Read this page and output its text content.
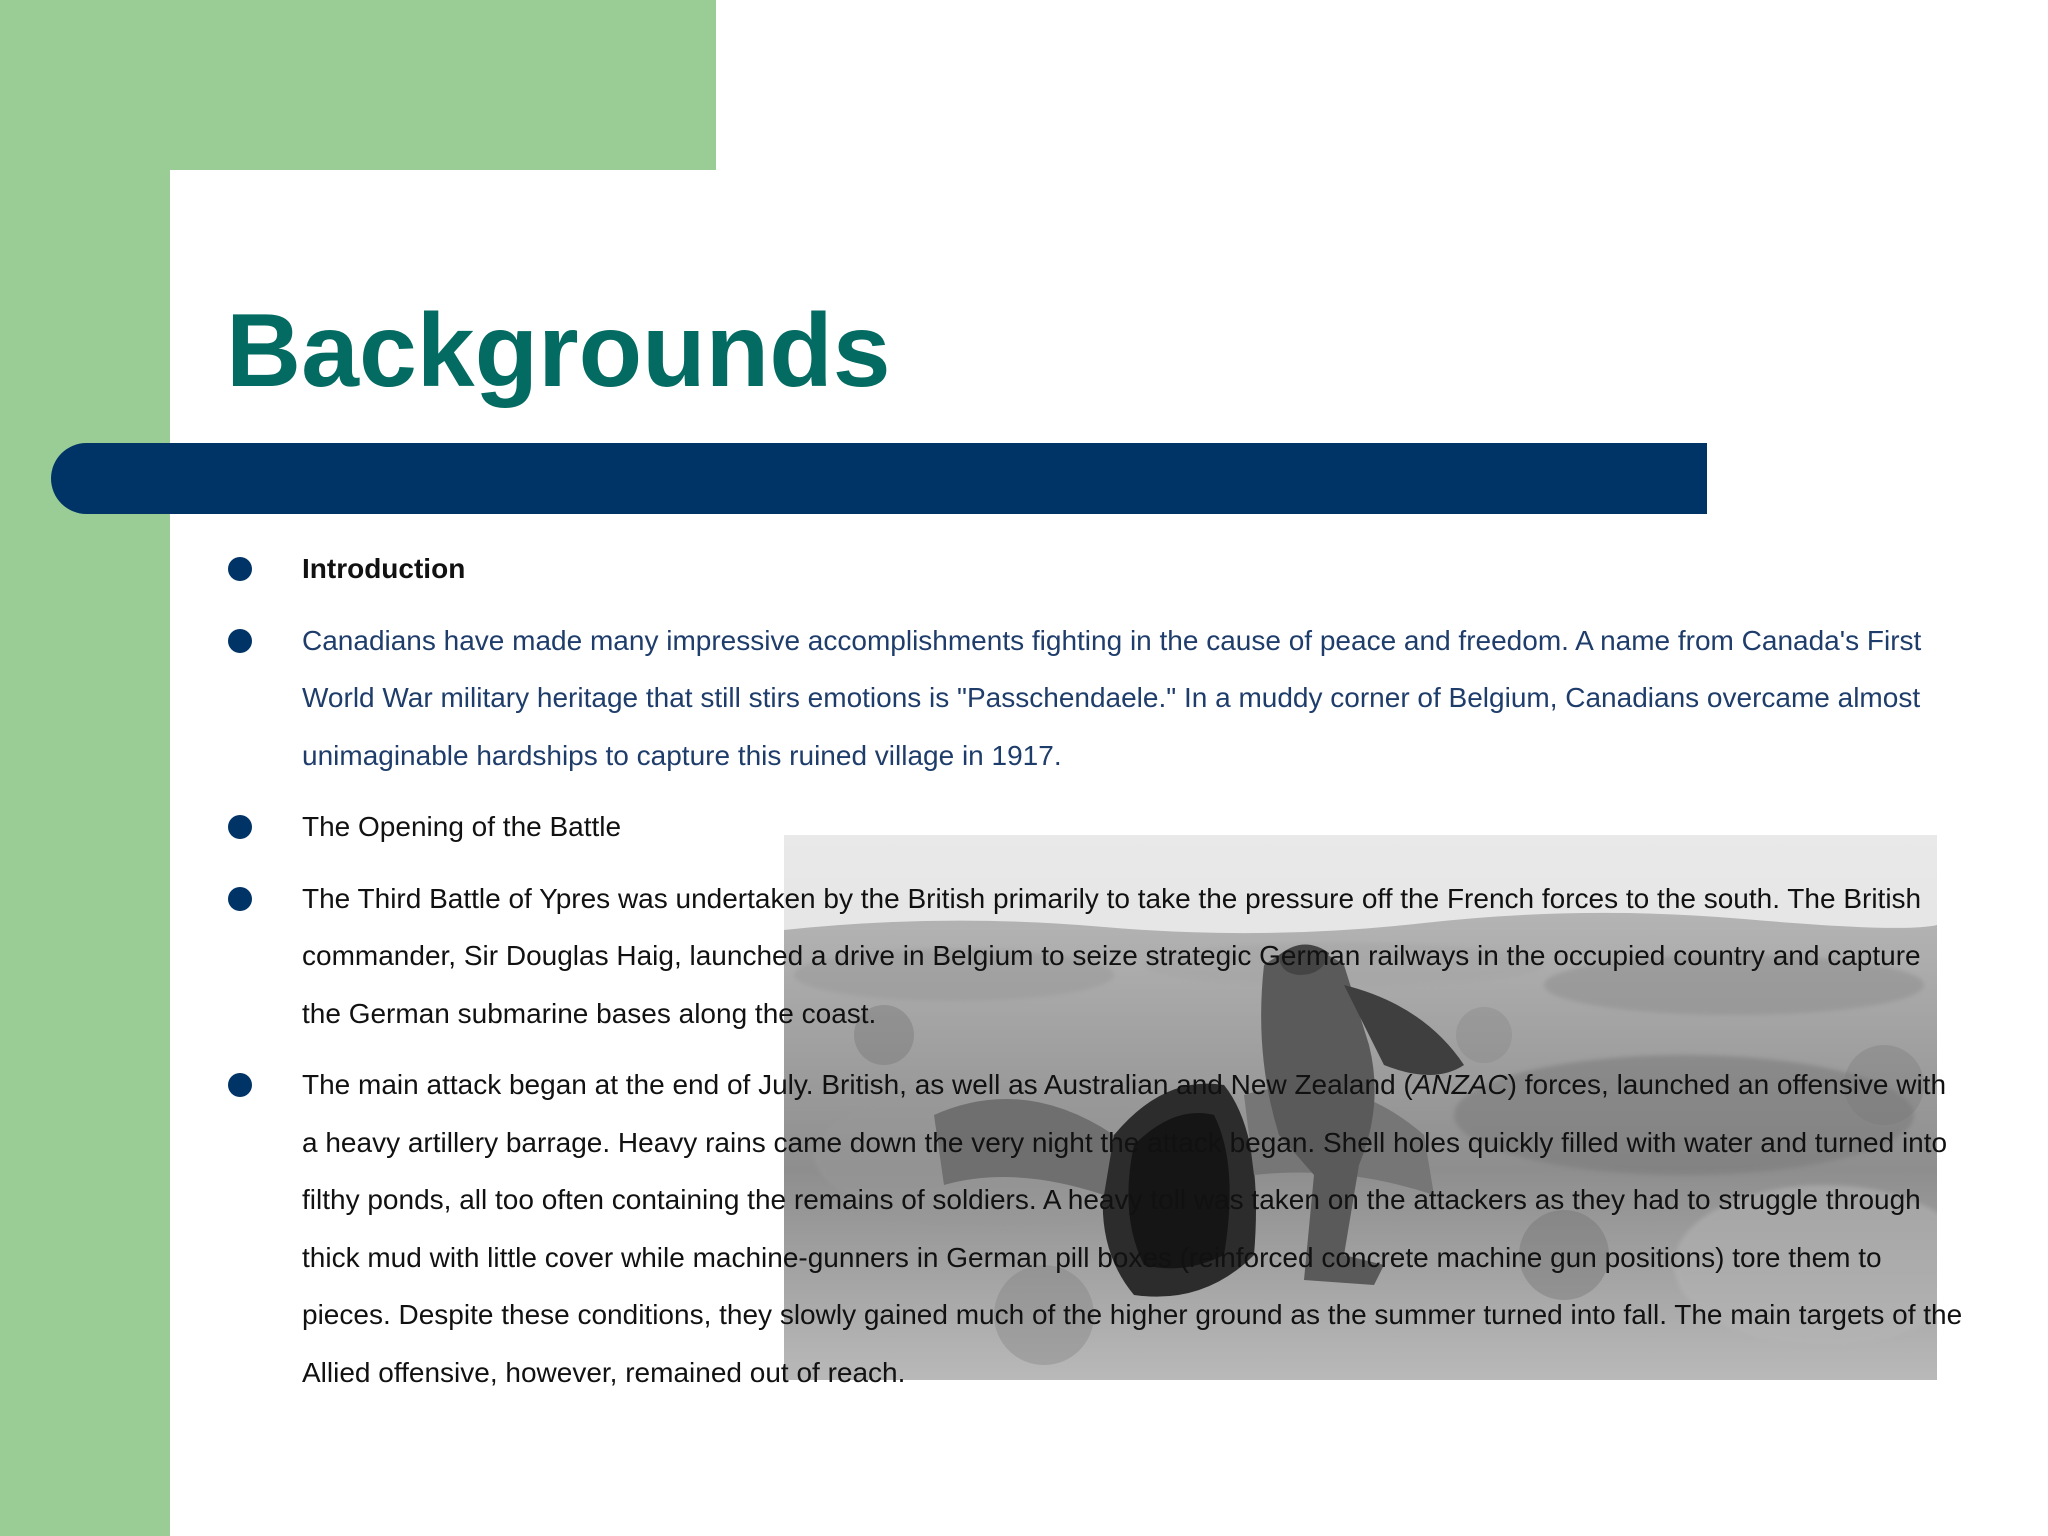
Backgrounds
Introduction
Canadians have made many impressive accomplishments fighting in the cause of peace and freedom. A name from Canada's First World War military heritage that still stirs emotions is "Passchendaele." In a muddy corner of Belgium, Canadians overcame almost unimaginable hardships to capture this ruined village in 1917.
The Opening of the Battle
The Third Battle of Ypres was undertaken by the British primarily to take the pressure off the French forces to the south. The British commander, Sir Douglas Haig, launched a drive in Belgium to seize strategic German railways in the occupied country and capture the German submarine bases along the coast.
The main attack began at the end of July. British, as well as Australian and New Zealand (ANZAC) forces, launched an offensive with a heavy artillery barrage. Heavy rains came down the very night the attack began. Shell holes quickly filled with water and turned into filthy ponds, all too often containing the remains of soldiers. A heavy toll was taken on the attackers as they had to struggle through thick mud with little cover while machine-gunners in German pill boxes (reinforced concrete machine gun positions) tore them to pieces. Despite these conditions, they slowly gained much of the higher ground as the summer turned into fall. The main targets of the Allied offensive, however, remained out of reach.
